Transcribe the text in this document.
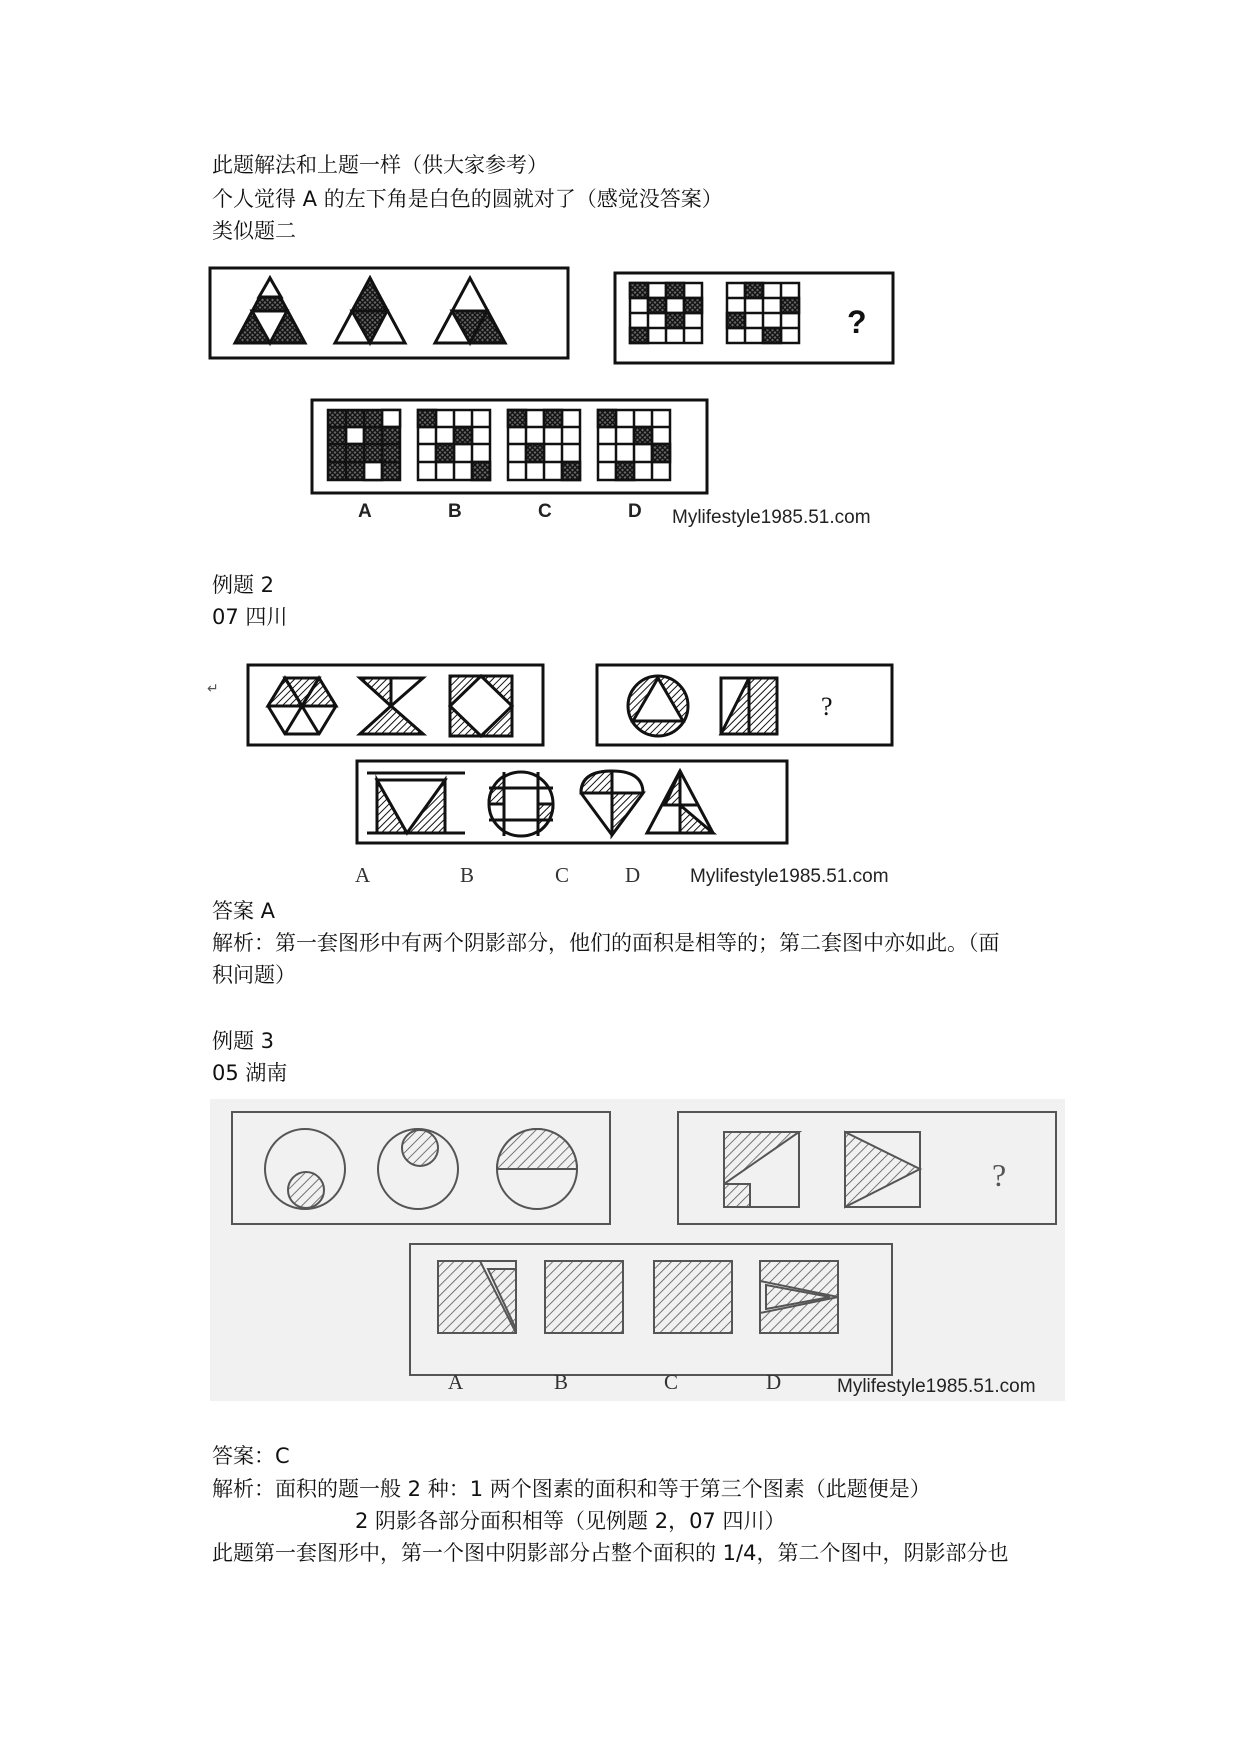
此题解法和上题一样（供大家参考）
个人觉得 A 的左下角是白色的圆就对了（感觉没答案）
类似题二
?
A	B	C	D Mylifestyle1985.51.com
例题 2
07 四川
↵
?
A	B	C	D	Mylifestyle1985.51.com
答案 A
解析：第一套图形中有两个阴影部分，他们的面积是相等的；第二套图中亦如此。（面
积问题）
例题 3
05 湖南
?
A	B	C	D	Mylifestyle1985.51.com
答案：C
解析：面积的题一般 2 种：1 两个图素的面积和等于第三个图素（此题便是）
2 阴影各部分面积相等（见例题 2，07 四川）
此题第一套图形中，第一个图中阴影部分占整个面积的 1/4，第二个图中，阴影部分也
